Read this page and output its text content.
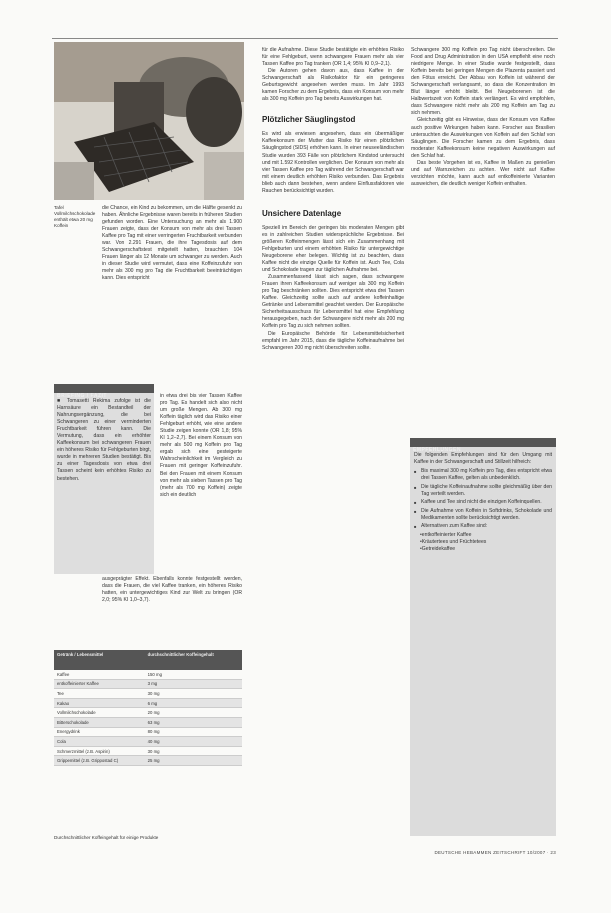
Tafel Vollmilchschokolade enthält etwa 20 mg Koffein

die Chance, ein Kind zu bekommen, um die Hälfte gesenkt zu haben. Ähnliche Ergebnisse waren bereits in früheren Studien gefunden worden. Eine Untersuchung an mehr als 1.900 Frauen zeigte, dass der Konsum von mehr als drei Tassen Kaffee pro Tag mit einer verringerten Fruchtbarkeit verbunden war. Von 2.291 Frauen, die ihre Tagesdosis auf dem Schwangerschaftstest mitgeteilt hatten, brauchten 104 Frauen länger als 12 Monate um schwanger zu werden. Auch in dieser Studie wird vermutet, dass eine Koffeinzufuhr von mehr als 300 mg pro Tag die Fruchtbarkeit beeinträchtigen kann. Dies entspricht

BRIEFING / FAZIT

■ Tomasetti Rekima zufolge ist die Harnsäure ein Bestandteil der Nahrungsergänzung, die bei Schwangeren zu einer verminderten Fruchtbarkeit führen kann. Die Vermutung, dass ein erhöhter Kaffeekonsum bei schwangeren Frauen ein höheres Risiko für Fehlgeburten birgt, wurde in mehreren Studien bestätigt. Bis zu einer Tagesdosis von etwa drei Tassen scheint kein erhöhtes Risiko zu bestehen.

in etwa drei bis vier Tassen Kaffee pro Tag. Es handelt sich also nicht um große Mengen. Ab 300 mg Koffein täglich wird das Risiko einer Fehlgeburt erhöht, wie eine andere Studie zeigen konnte (OR 1,8; 95% KI 1,2–2,7). Bei einem Konsum von mehr als 500 mg Koffein pro Tag ergab sich eine gesteigerte Wahrscheinlichkeit im Vergleich zu Frauen mit geringer Koffeinzufuhr. Bei den Frauen mit einem Konsum von mehr als sieben Tassen pro Tag (mehr als 700 mg Koffein) zeigte sich ein deutlich

ausgeprägter Effekt. Ebenfalls konnte festgestellt werden, dass die Frauen, die viel Kaffee tranken, ein höheres Risiko hatten, ein untergewichtiges Kind zur Welt zu bringen (OR 2,0; 95% KI 1,0–3,7).

Getränk / Lebensmittel	durchschnittlicher Koffeingehalt
Kaffee	150 mg
entkoffeinierter Kaffee	3 mg
Tee	30 mg
Kakao	6 mg
Vollmilchschokolade	20 mg
Bitterschokolade	63 mg
Energydrink	80 mg
Cola	40 mg
Schmerzmittel (z.B. Aspirin)	30 mg
Grippemittel (z.B. Grippostad C)	25 mg
Durchschnittlicher Koffeingehalt für einige Produkte

für die Aufnahme. Diese Studie bestätigte ein erhöhtes Risiko für eine Fehlgeburt, wenn schwangere Frauen mehr als vier Tassen Kaffee pro Tag tranken (OR 1,4; 95% KI 0,9–2,1).

Die Autoren gehen davon aus, dass Kaffee in der Schwangerschaft als Risikofaktor für ein geringeres Geburtsgewicht angesehen werden muss. Im Jahr 1993 kamen Forscher zu dem Ergebnis, dass ein Konsum von mehr als 300 mg Koffein pro Tag bereits Auswirkungen hat.

Plötzlicher Säuglingstod

Es wird als erwiesen angesehen, dass ein übermäßiger Kaffeekonsum der Mutter das Risiko für einen plötzlichen Säuglingstod (SIDS) erhöhen kann. In einer neuseeländischen Studie wurden 393 Fälle von plötzlichem Kindstod untersucht und mit 1.592 Kontrollen verglichen. Der Konsum von mehr als vier Tassen Kaffee pro Tag während der Schwangerschaft war mit einem deutlich erhöhten Risiko verbunden. Das Ergebnis blieb auch dann bestehen, wenn andere Einflussfaktoren wie Rauchen berücksichtigt wurden.

Unsichere Datenlage

Speziell im Bereich der geringen bis moderaten Mengen gibt es in zahlreichen Studien widersprüchliche Ergebnisse. Bei größeren Koffeinmengen lässt sich ein Zusammenhang mit Fehlgeburten und einem erhöhten Risiko für untergewichtige Neugeborene eher belegen. Wichtig ist zu beachten, dass Kaffee nicht die einzige Quelle für Koffein ist. Auch Tee, Cola und Schokolade tragen zur täglichen Aufnahme bei.

Zusammenfassend lässt sich sagen, dass schwangere Frauen ihren Kaffeekonsum auf weniger als 300 mg Koffein pro Tag beschränken sollten. Dies entspricht etwa drei Tassen Kaffee. Gleichzeitig sollte auch auf andere koffeinhaltige Getränke und Lebensmittel geachtet werden. Der Europäische Sicherheitsausschuss für Lebensmittel hat eine Empfehlung herausgegeben, nach der Schwangere nicht mehr als 200 mg Koffein pro Tag zu sich nehmen sollten.

Die Europäische Behörde für Lebensmittelsicherheit empfahl im Jahr 2015, dass die tägliche Koffeinaufnahme bei Schwangeren 200 mg nicht überschreiten sollte.

Schwangere 300 mg Koffein pro Tag nicht überschreiten. Die Food and Drug Administration in den USA empfiehlt eine noch niedrigere Menge. In einer Studie wurde festgestellt, dass Koffein bereits bei geringen Mengen die Plazenta passiert und den Fötus erreicht. Der Abbau von Koffein ist während der Schwangerschaft verlangsamt, so dass die Konzentration im Blut länger erhöht bleibt. Bei Neugeborenen ist die Halbwertszeit von Koffein stark verlängert. Es wird empfohlen, dass Schwangere nicht mehr als 200 mg Koffein am Tag zu sich nehmen.

Gleichzeitig gibt es Hinweise, dass der Konsum von Kaffee auch positive Wirkungen haben kann. Forscher aus Brasilien untersuchten die Auswirkungen von Koffein auf den Schlaf von Säuglingen. Die Forscher kamen zu dem Ergebnis, dass moderater Kaffeekonsum keine negativen Auswirkungen auf den Schlaf hat.

Das beste Vorgehen ist es, Kaffee in Maßen zu genießen und auf Warnzeichen zu achten. Wer nicht auf Kaffee verzichten möchte, kann auch auf entkoffeinierte Varianten ausweichen, die deutlich weniger Koffein enthalten.

EMPFEHLUNGEN

Die folgenden Empfehlungen sind für den Umgang mit Kaffee in der Schwangerschaft und Stillzeit hilfreich:

■ Bis maximal 300 mg Koffein pro Tag, dies entspricht etwa drei Tassen Kaffee, gelten als unbedenklich.
■ Die tägliche Koffeinaufnahme sollte gleichmäßig über den Tag verteilt werden.
■ Kaffee und Tee sind nicht die einzigen Koffeinquellen.
■ Die Aufnahme von Koffein in Softdrinks, Schokolade und Medikamenten sollte berücksichtigt werden.
■ Alternativen zum Kaffee sind:
• entkoffeinierter Kaffee
• Kräutertees und Früchtetees
• Getreidekaffee
DEUTSCHE HEBAMMEN ZEITSCHRIFT 10/2007 · 23
